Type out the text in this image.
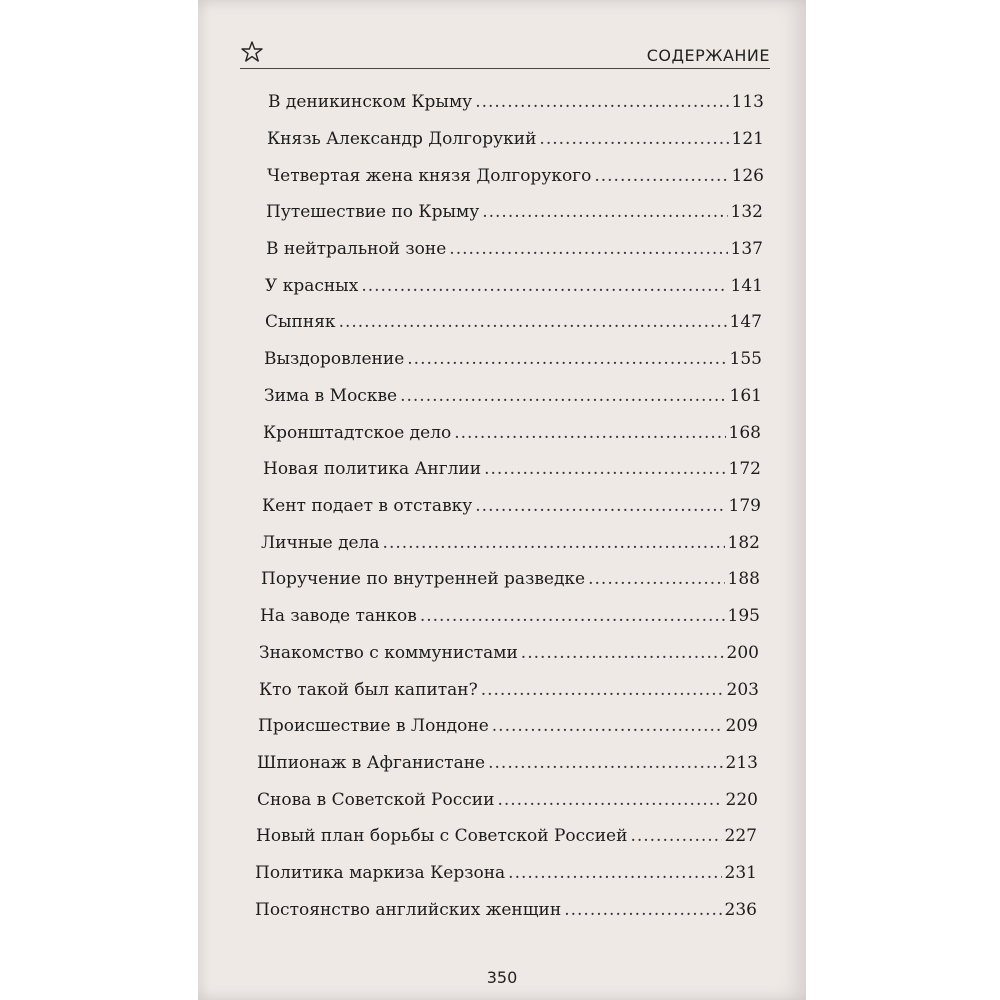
СОДЕРЖАНИЕ
В деникинском Крыму .....	113
Князь Александр Долгорукий .....	121
Четвертая жена князя Долгорукого .....	126
Путешествие по Крыму .....	132
В нейтральной зоне .....	137
У красных .....	141
Сыпняк .....	147
Выздоровление .....	155
Зима в Москве .....	161
Кронштадтское дело .....	168
Новая политика Англии .....	172
Кент подает в отставку .....	179
Личные дела .....	182
Поручение по внутренней разведке .....	188
На заводе танков .....	195
Знакомство с коммунистами .....	200
Кто такой был капитан? .....	203
Происшествие в Лондоне .....	209
Шпионаж в Афганистане .....	213
Снова в Советской России .....	220
Новый план борьбы с Советской Россией .....	227
Политика маркиза Керзона .....	231
Постоянство английских женщин .....	236
350
